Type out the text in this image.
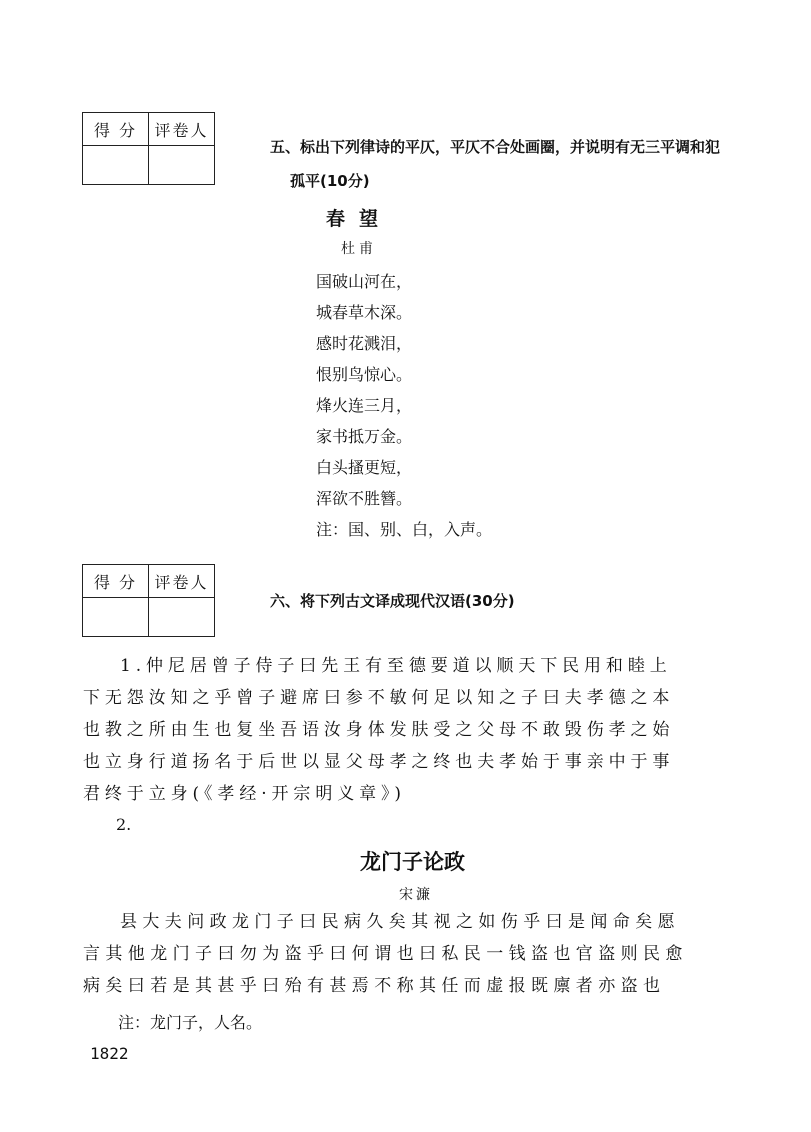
得 分	评卷人

五、标出下列律诗的平仄，平仄不合处画圈，并说明有无三平调和犯
孤平(10分)
春望
杜甫
国破山河在，
城春草木深。
感时花溅泪，
恨别鸟惊心。
烽火连三月，
家书抵万金。
白头搔更短，
浑欲不胜簪。
注：国、别、白，入声。
得 分	评卷人

六、将下列古文译成现代汉语(30分)
1.仲尼居曾子侍子曰先王有至德要道以顺天下民用和睦上
下无怨汝知之乎曾子避席曰参不敏何足以知之子曰夫孝德之本
也教之所由生也复坐吾语汝身体发肤受之父母不敢毁伤孝之始
也立身行道扬名于后世以显父母孝之终也夫孝始于事亲中于事
君终于立身(《孝经·开宗明义章》)
2.
龙门子论政
宋濂
县大夫问政龙门子曰民病久矣其视之如伤乎曰是闻命矣愿
言其他龙门子曰勿为盗乎曰何谓也曰私民一钱盗也官盗则民愈
病矣曰若是其甚乎曰殆有甚焉不称其任而虚报既廪者亦盗也
注：龙门子，人名。
1822
